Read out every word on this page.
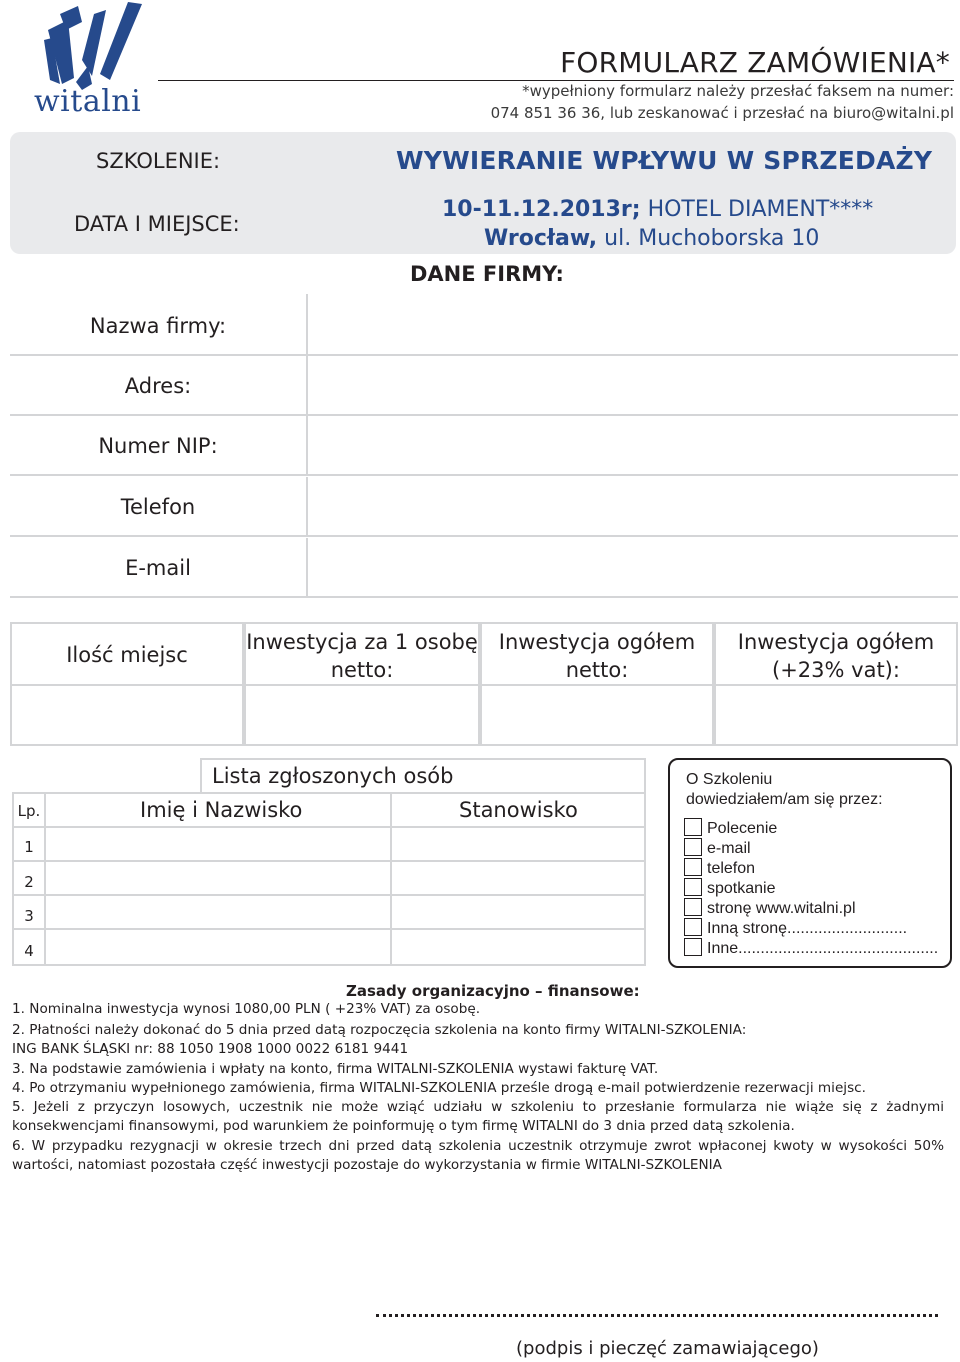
witalni
FORMULARZ ZAMÓWIENIA*
*wypełniony formularz należy przesłać faksem na numer:
074 851 36 36, lub zeskanować i przesłać na biuro@witalni.pl
SZKOLENIE:
DATA I MIEJSCE:
WYWIERANIE WPŁYWU W SPRZEDAŻY
10-11.12.2013r; HOTEL DIAMENT****
Wrocław, ul. Muchoborska 10
DANE FIRMY:
Nazwa firmy:
Adres:
Numer NIP:
Telefon
E-mail
Ilość miejsc
Inwestycja za 1 osobę
netto:
Inwestycja ogółem
netto:
Inwestycja ogółem
(+23% vat):
Lista zgłoszonych osób
Lp.	Imię i Nazwisko	Stanowisko
1
2
3
4
O Szkoleniu
dowiedziałem/am się przez:
Polecenie
e-mail
telefon
spotkanie
stronę www.witalni.pl
Inną stronę...........................
Inne.............................................
Zasady organizacyjno – finansowe:
1. Nominalna inwestycja wynosi 1080,00 PLN ( +23% VAT) za osobę.
2. Płatności należy dokonać do 5 dnia przed datą rozpoczęcia szkolenia na konto firmy WITALNI-SZKOLENIA:
ING BANK ŚLĄSKI nr: 88 1050 1908 1000 0022 6181 9441
3. Na podstawie zamówienia i wpłaty na konto, firma WITALNI-SZKOLENIA wystawi fakturę VAT.
4. Po otrzymaniu wypełnionego zamówienia, firma WITALNI-SZKOLENIA prześle drogą e-mail potwierdzenie rezerwacji miejsc.
5. Jeżeli z przyczyn losowych, uczestnik nie może wziąć udziału w szkoleniu to przesłanie formularza nie wiąże się z żadnymi konsekwencjami finansowymi, pod warunkiem że poinformuję o tym firmę WITALNI do 3 dnia przed datą szkolenia.
6. W przypadku rezygnacji w okresie trzech dni przed datą szkolenia uczestnik otrzymuje zwrot wpłaconej kwoty w wysokości 50% wartości, natomiast pozostała część inwestycji pozostaje do wykorzystania w firmie WITALNI-SZKOLENIA
(podpis i pieczęć zamawiającego)
